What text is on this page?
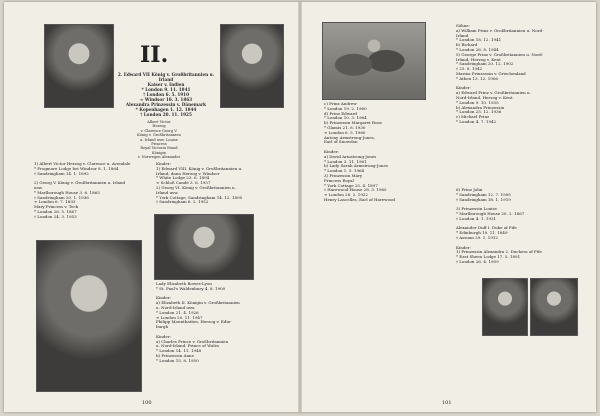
II.
2. Edward VII König v. Großbritannien u. Irland
Kaiser v. Indien
* London 9. 11. 1841
† London 6. 5. 1910
∞ Windsor 10. 3. 1863
Alexandra Prinzessin v. Dänemark
* Kopenhagen 1. 12. 1844
† London 20. 11. 1925
Albert Victor
Herzog
v. Clarence Georg V.
König v. Großbritannien
u. Irland usw. Louise
Princess
Royal Victoria Maud
Königin
v. Norwegen Alexander
1) Albert Victor Herzog v. Clarence u. Avondale
* Frogmore Lodge bei Windsor 8. 1. 1864
† Sandringham 14. 1. 1892

2) Georg V. König v. Großbritannien u. Irland
usw.
* Marlborough House 3. 6. 1865
† Sandringham 20. 1. 1936
∞ London 6. 7. 1893
Mary Princess v. Teck
* London 26. 5. 1867
† London 24. 3. 1953
Kinder:
1) Edward VIII. König v. Großbritannien u.
Irland, dann Herzog v. Windsor
* White Lodge 23. 6. 1894
∞ Schloß Candé 3. 6. 1937
2) Georg VI. König v. Großbritannien u.
Irland usw.
* York Cottage, Sandringham 14. 12. 1895
† Sandringham 6. 2. 1952
Lady Elizabeth Bowes-Lyon
* St. Paul's Waldenbury 4. 8. 1900

Kinder:
a) Elizabeth II. Königin v. Großbritannien
u. Nord-Irland usw.
* London 21. 4. 1926
∞ London 20. 11. 1947
Philipp Mountbatten, Herzog v. Edin-
burgh

Kinder:
a) Charles Prince v. Großbritannien
u. Nord-Irland, Prince of Wales
* London 14. 11. 1948
b) Prinzessin Anne
* London 15. 8. 1950
100
c) Prinz Andrew
* London 19. 2. 1960
d) Prinz Edward
* London 10. 3. 1964
b) Prinzessin Margaret Rose
* Glamis 21. 8. 1930
∞ London 6. 5. 1960
Antony Armstrong-Jones,
Earl of Snowdon

Kinder:
a) David Armstrong-Jones
* London 3. 11. 1961
b) Lady Sarah Armstrong-Jones
* London 1. 5. 1964
3) Prinzessin Mary
Princess Royal
* York Cottage 25. 4. 1897
† Harewood House 28. 3. 1965
∞ London 28. 2. 1922
Henry Lascelles, Earl of Harewood
Söhne:
a) William Prinz v. Großbritannien u. Nord-
Irland
* London 18. 12. 1941
b) Richard
* London 26. 8. 1944
5) George Prinz v. Großbritannien u. Nord-
Irland, Herzog v. Kent
* Sandringham 20. 12. 1902
† 25. 8. 1942
Marina Prinzessin v. Griechenland
* Athen 13. 12. 1906

Kinder:
a) Edward Prinz v. Großbritannien u.
Nord-Irland, Herzog v. Kent
* London 9. 10. 1935
b) Alexandra Prinzessin
* London 25. 12. 1936
c) Michael Prinz
* London 4. 7. 1942
6) Prinz John
* Sandringham 12. 7. 1905
† Sandringham 18. 1. 1919

3) Prinzessin Louise
* Marlborough House 20. 2. 1867
† London 4. 1. 1931

Alexander Duff I. Duke of Fife
* Edinburgh 10. 11. 1849
† Assuan 29. 1. 1912

Kinder:
1) Prinzessin Alexandra 2. Duchess of Fife
* East Sheen Lodge 17. 5. 1891
† London 26. 4. 1959
101
